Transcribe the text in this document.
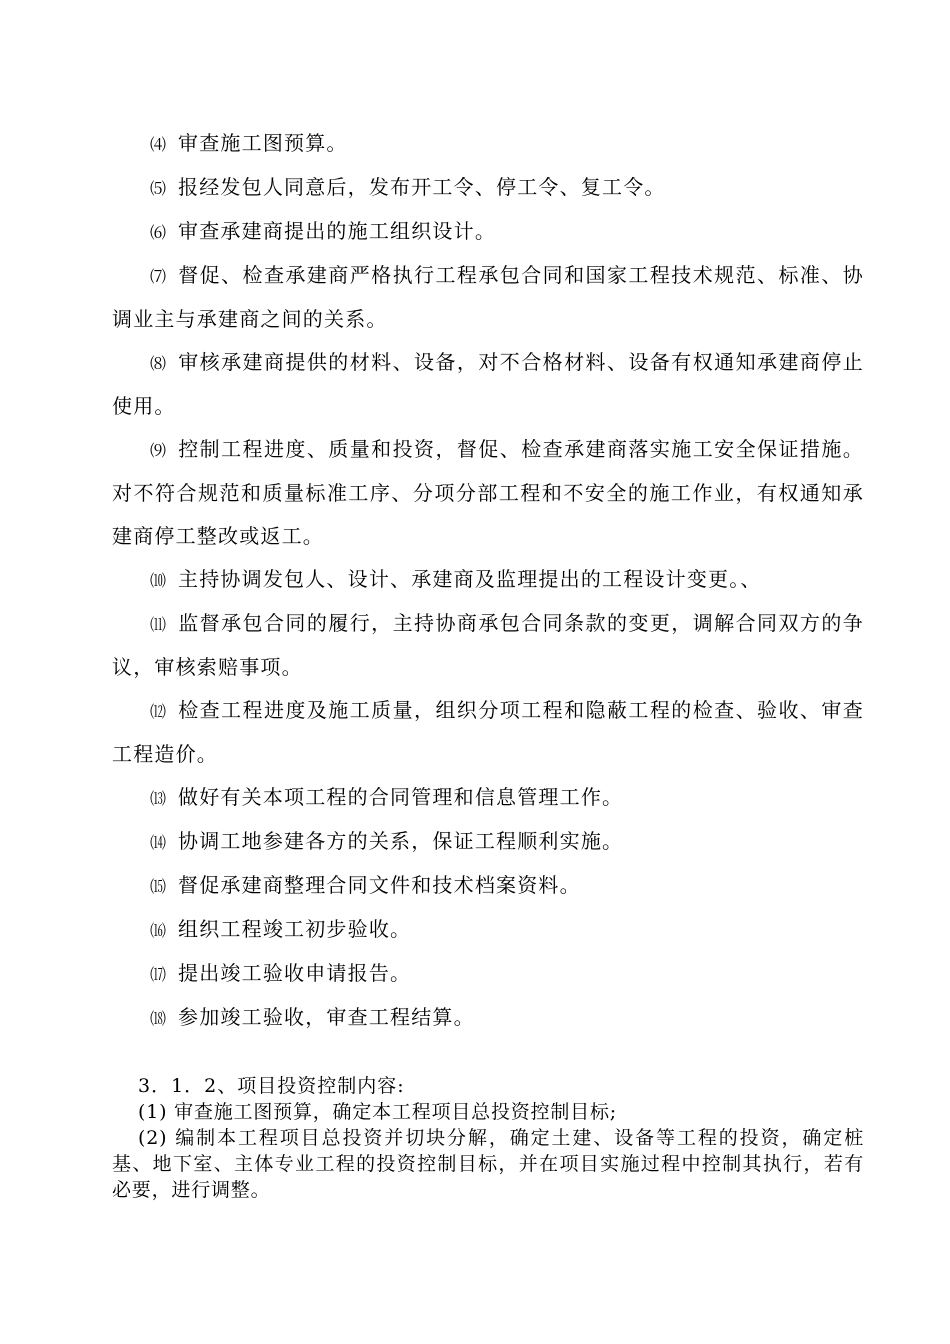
⑷ 审查施工图预算。

⑸ 报经发包人同意后，发布开工令、停工令、复工令。

⑹ 审查承建商提出的施工组织设计。

⑺ 督促、检查承建商严格执行工程承包合同和国家工程技术规范、标准、协调业主与承建商之间的关系。

⑻ 审核承建商提供的材料、设备，对不合格材料、设备有权通知承建商停止使用。

⑼ 控制工程进度、质量和投资，督促、检查承建商落实施工安全保证措施。对不符合规范和质量标准工序、分项分部工程和不安全的施工作业，有权通知承建商停工整改或返工。

⑽ 主持协调发包人、设计、承建商及监理提出的工程设计变更。、

⑾ 监督承包合同的履行，主持协商承包合同条款的变更，调解合同双方的争议，审核索赔事项。

⑿ 检查工程进度及施工质量，组织分项工程和隐蔽工程的检查、验收、审查工程造价。

⒀ 做好有关本项工程的合同管理和信息管理工作。

⒁ 协调工地参建各方的关系，保证工程顺利实施。

⒂ 督促承建商整理合同文件和技术档案资料。

⒃ 组织工程竣工初步验收。

⒄ 提出竣工验收申请报告。

⒅ 参加竣工验收，审查工程结算。

3．1．2、项目投资控制内容:

(1) 审查施工图预算，确定本工程项目总投资控制目标;

(2) 编制本工程项目总投资并切块分解，确定土建、设备等工程的投资，确定桩基、地下室、主体专业工程的投资控制目标，并在项目实施过程中控制其执行，若有必要，进行调整。
